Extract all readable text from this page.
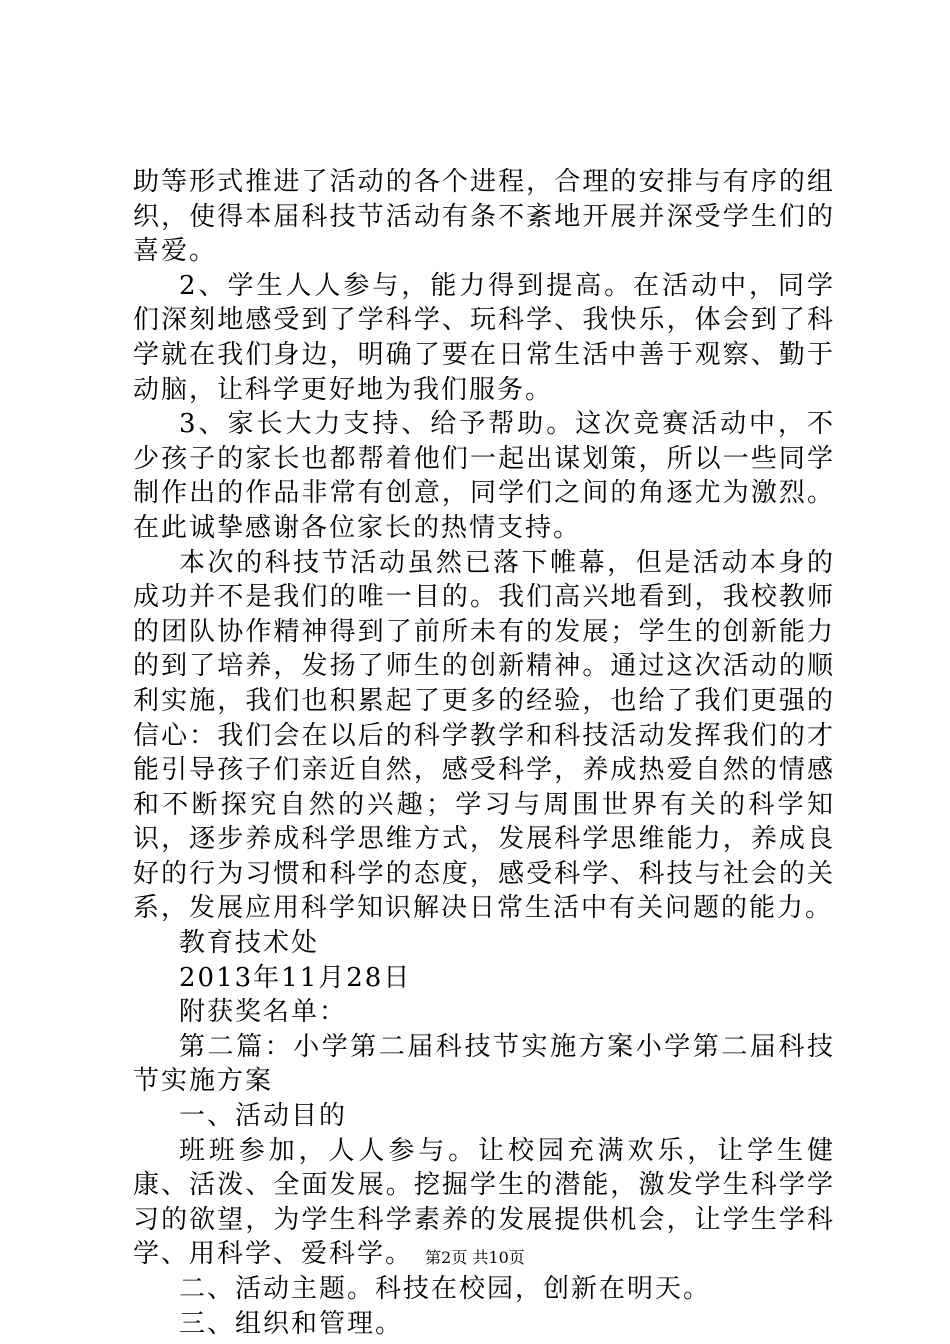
助等形式推进了活动的各个进程，合理的安排与有序的组织，使得本届科技节活动有条不紊地开展并深受学生们的喜爱。

2、学生人人参与，能力得到提高。在活动中，同学们深刻地感受到了学科学、玩科学、我快乐，体会到了科学就在我们身边，明确了要在日常生活中善于观察、勤于动脑，让科学更好地为我们服务。

3、家长大力支持、给予帮助。这次竞赛活动中，不少孩子的家长也都帮着他们一起出谋划策，所以一些同学制作出的作品非常有创意，同学们之间的角逐尤为激烈。在此诚挚感谢各位家长的热情支持。

本次的科技节活动虽然已落下帷幕，但是活动本身的成功并不是我们的唯一目的。我们高兴地看到，我校教师的团队协作精神得到了前所未有的发展；学生的创新能力的到了培养，发扬了师生的创新精神。通过这次活动的顺利实施，我们也积累起了更多的经验，也给了我们更强的信心：我们会在以后的科学教学和科技活动发挥我们的才能引导孩子们亲近自然，感受科学，养成热爱自然的情感和不断探究自然的兴趣；学习与周围世界有关的科学知识，逐步养成科学思维方式，发展科学思维能力，养成良好的行为习惯和科学的态度，感受科学、科技与社会的关系，发展应用科学知识解决日常生活中有关问题的能力。

教育技术处

2013年11月28日

附获奖名单：

第二篇：小学第二届科技节实施方案小学第二届科技节实施方案

一、活动目的

班班参加，人人参与。让校园充满欢乐，让学生健康、活泼、全面发展。挖掘学生的潜能，激发学生科学学习的欲望，为学生科学素养的发展提供机会，让学生学科学、用科学、爱科学。

二、活动主题。科技在校园，创新在明天。

三、组织和管理。

第2页 共10页
